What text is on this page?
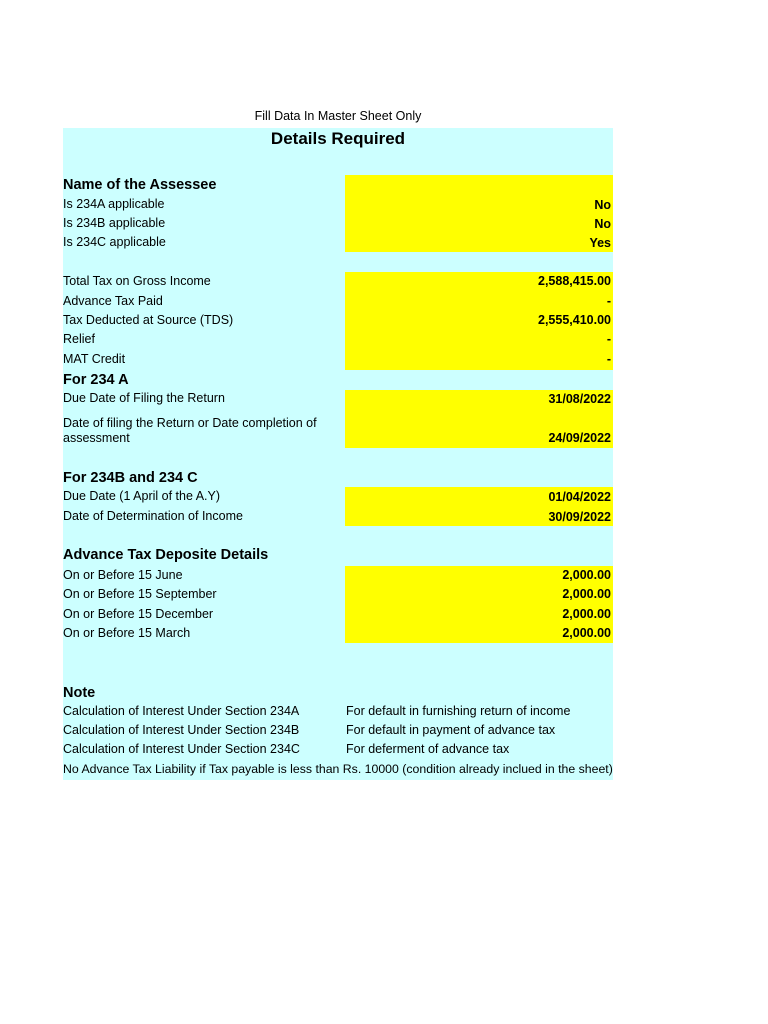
Fill Data In Master Sheet Only
Details Required
Name of the Assessee
Is 234A applicable	No
Is 234B applicable	No
Is 234C applicable	Yes
Total Tax on Gross Income	2,588,415.00
Advance Tax Paid	-
Tax Deducted at Source (TDS)	2,555,410.00
Relief	-
MAT Credit	-
For 234 A
Due Date of Filing the Return	31/08/2022
Date of filing the Return or Date completion of assessment	24/09/2022
For 234B and 234 C
Due Date (1 April of the A.Y)	01/04/2022
Date of Determination of Income	30/09/2022
Advance Tax Deposite Details
On or Before 15 June	2,000.00
On or Before 15 September	2,000.00
On or Before 15 December	2,000.00
On or Before 15 March	2,000.00
Note
Calculation of Interest Under Section 234A	For default in furnishing return of income
Calculation of Interest Under Section 234B	For default in payment of advance tax
Calculation of Interest Under Section 234C	For deferment of advance tax
No Advance Tax Liability if Tax payable is less than Rs. 10000 (condition already inclued in the sheet)
